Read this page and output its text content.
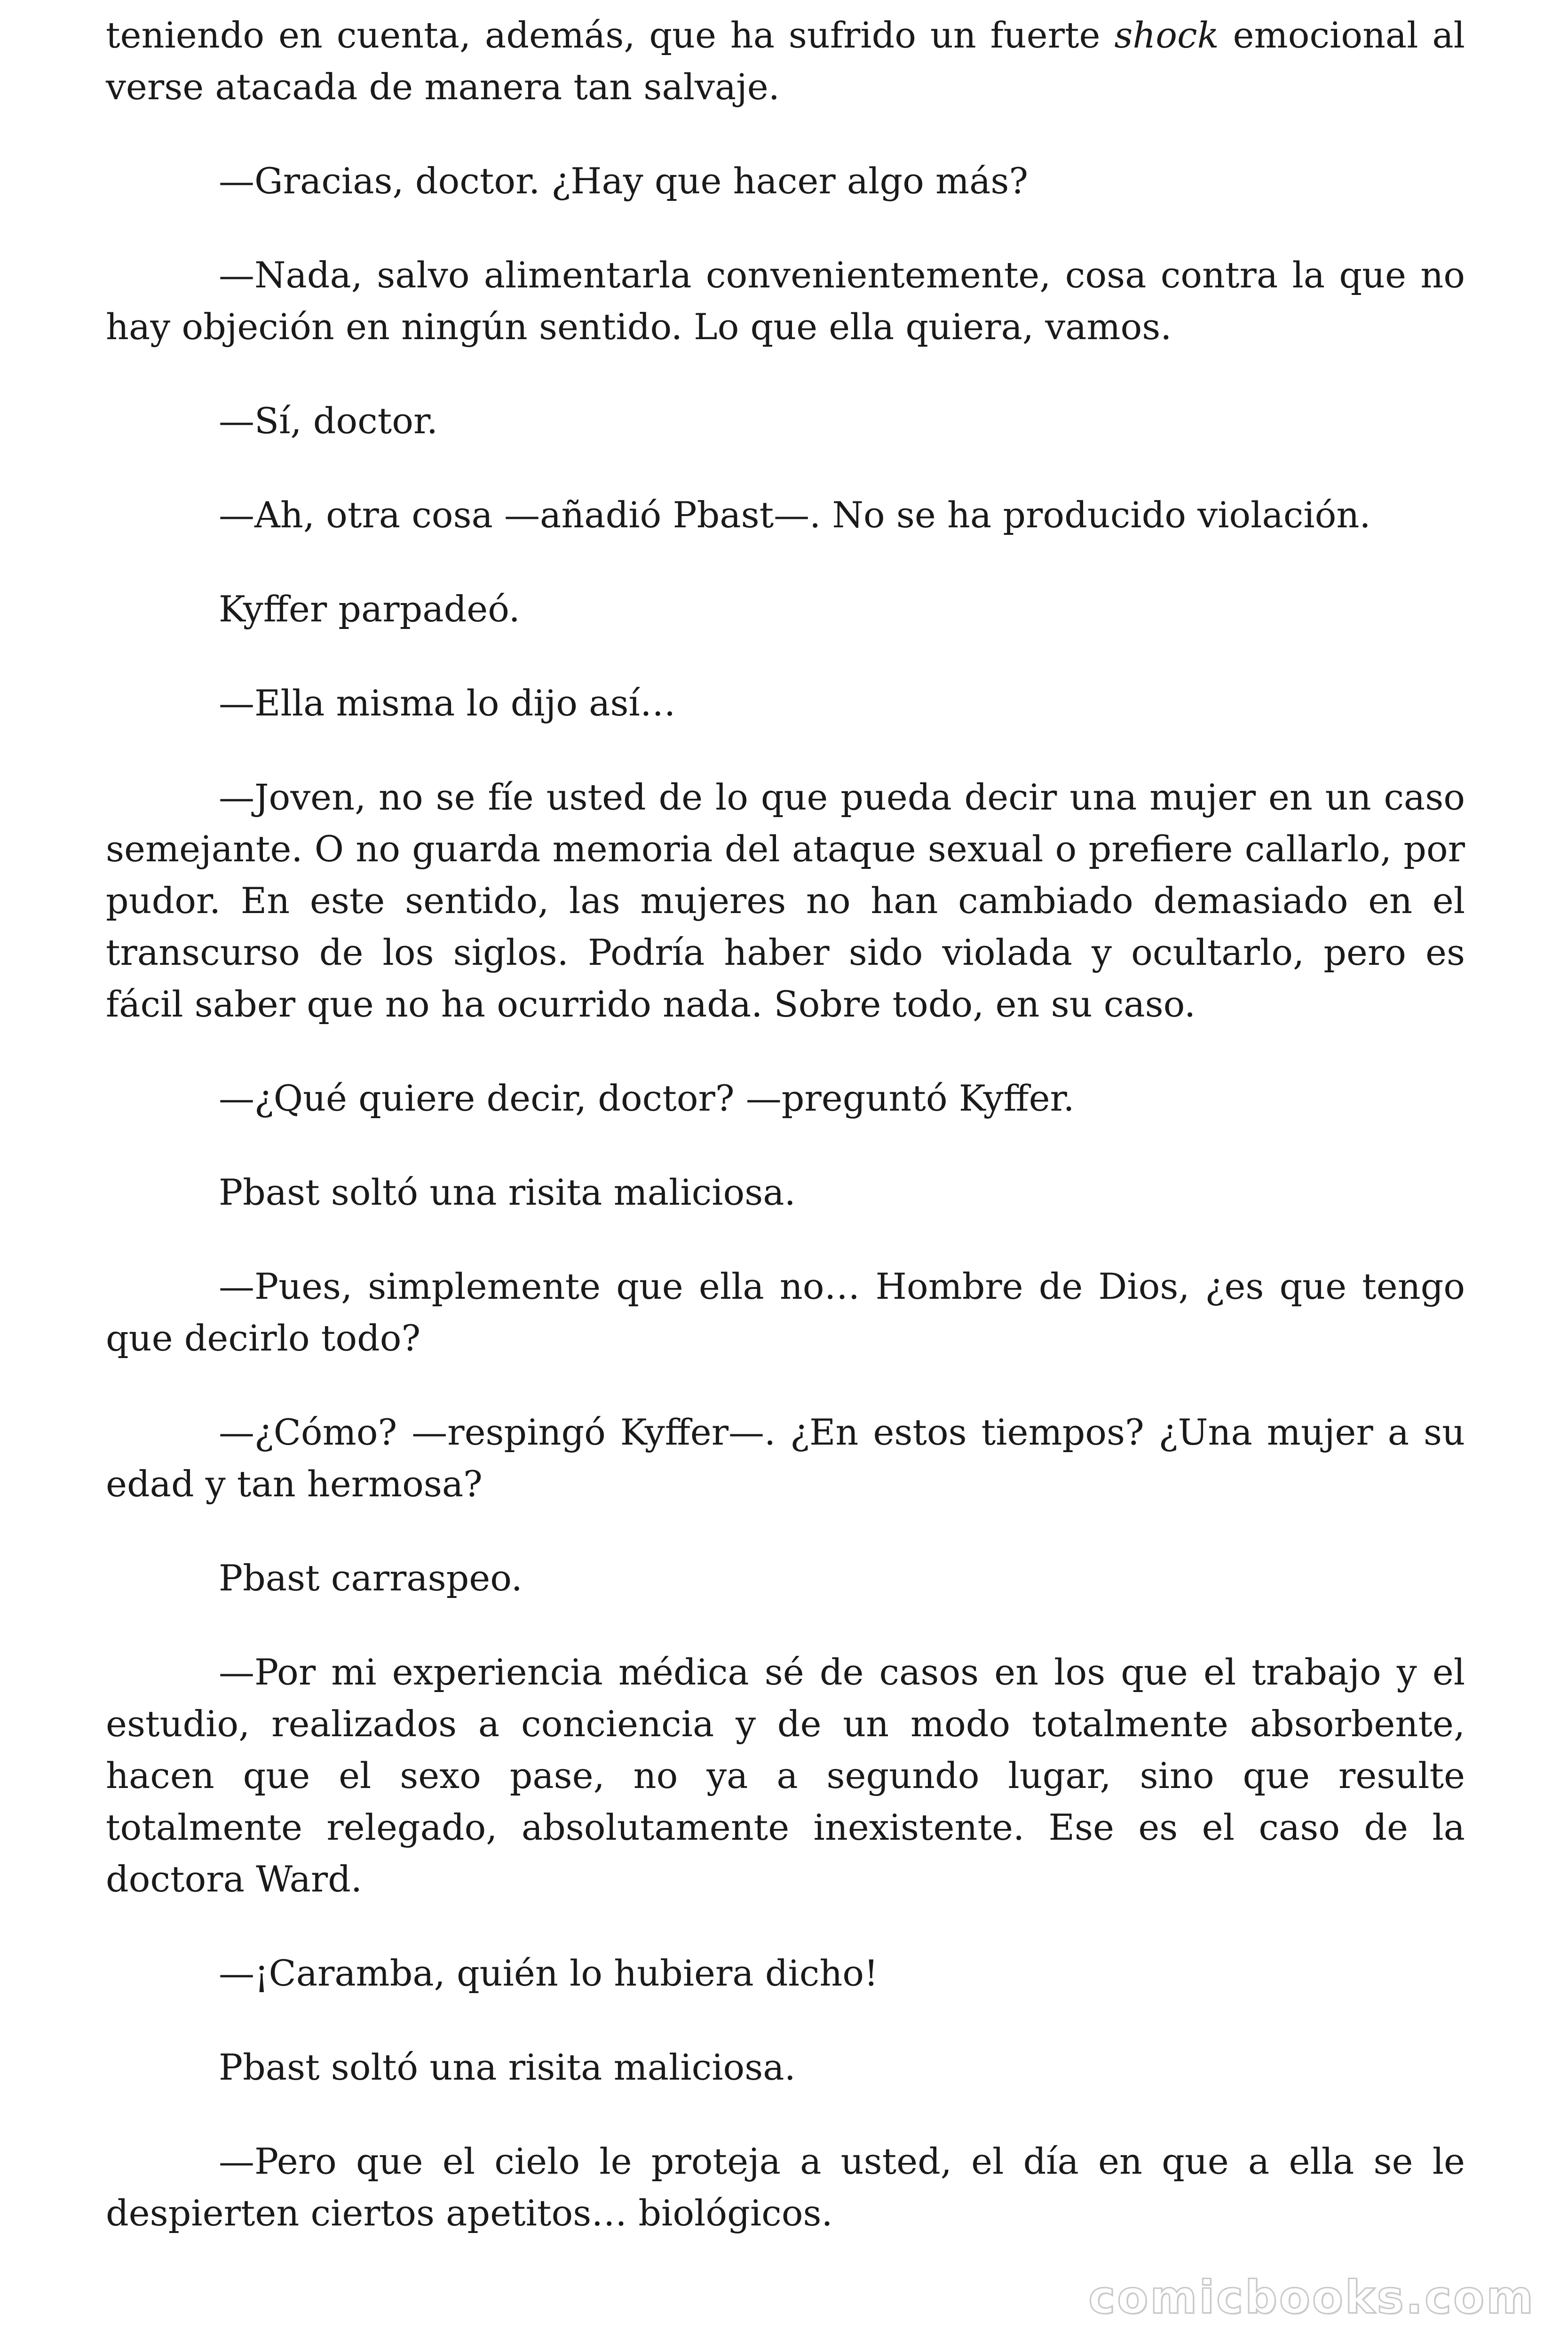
teniendo en cuenta, además, que ha sufrido un fuerte shock emocional al verse atacada de manera tan salvaje.

—Gracias, doctor. ¿Hay que hacer algo más?

—Nada, salvo alimentarla convenientemente, cosa contra la que no hay objeción en ningún sentido. Lo que ella quiera, vamos.

—Sí, doctor.

—Ah, otra cosa —añadió Pbast—. No se ha producido violación.

Kyffer parpadeó.

—Ella misma lo dijo así…

—Joven, no se fíe usted de lo que pueda decir una mujer en un caso semejante. O no guarda memoria del ataque sexual o prefiere callarlo, por pudor. En este sentido, las mujeres no han cambiado demasiado en el transcurso de los siglos. Podría haber sido violada y ocultarlo, pero es fácil saber que no ha ocurrido nada. Sobre todo, en su caso.

—¿Qué quiere decir, doctor? —preguntó Kyffer.

Pbast soltó una risita maliciosa.

—Pues, simplemente que ella no… Hombre de Dios, ¿es que tengo que decirlo todo?

—¿Cómo? —respingó Kyffer—. ¿En estos tiempos? ¿Una mujer a su edad y tan hermosa?

Pbast carraspeo.

—Por mi experiencia médica sé de casos en los que el trabajo y el estudio, realizados a conciencia y de un modo totalmente absorbente, hacen que el sexo pase, no ya a segundo lugar, sino que resulte totalmente relegado, absolutamente inexistente. Ese es el caso de la doctora Ward.

—¡Caramba, quién lo hubiera dicho!

Pbast soltó una risita maliciosa.

—Pero que el cielo le proteja a usted, el día en que a ella se le despierten ciertos apetitos… biológicos.

comicbooks.com
